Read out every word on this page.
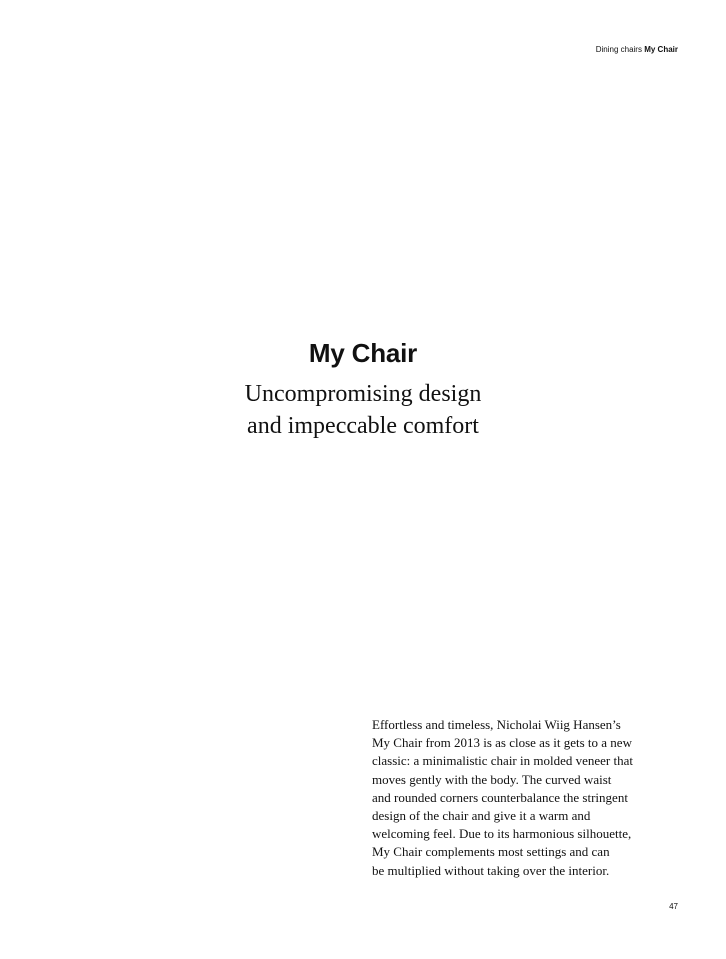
Dining chairs My Chair
My Chair
Uncompromising design
and impeccable comfort
Effortless and timeless, Nicholai Wiig Hansen’s
My Chair from 2013 is as close as it gets to a new
classic: a minimalistic chair in molded veneer that
moves gently with the body. The curved waist
and rounded corners counterbalance the stringent
design of the chair and give it a warm and
welcoming feel. Due to its harmonious silhouette,
My Chair complements most settings and can
be multiplied without taking over the interior.
47
